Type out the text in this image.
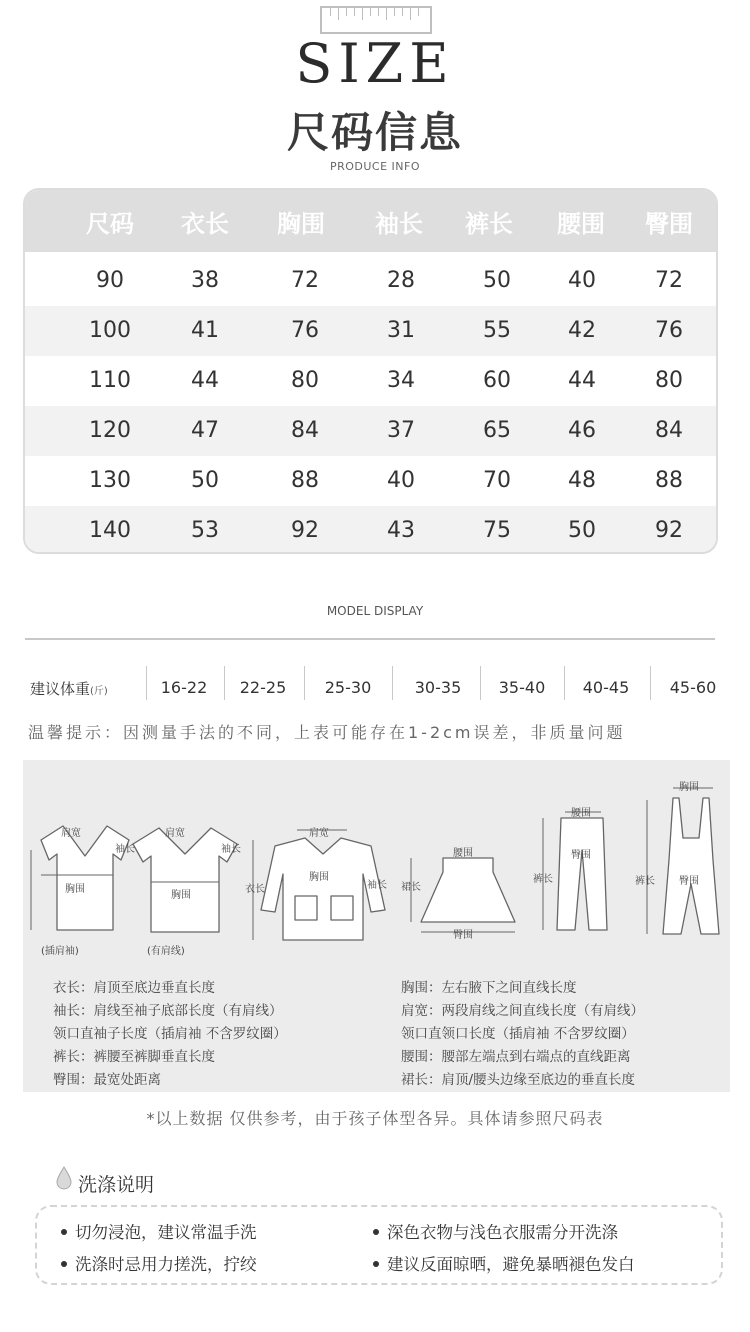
SIZE
尺码信息
PRODUCE INFO
尺码	衣长	胸围	袖长	裤长	腰围	臀围
90	38	72	28	50	40	72
100	41	76	31	55	42	76
110	44	80	34	60	44	80
120	47	84	37	65	46	84
130	50	88	40	70	48	88
140	53	92	43	75	50	92
MODEL DISPLAY
建议体重(斤)	16-22	22-25	25-30	30-35	35-40	40-45	45-60
温馨提示：因测量手法的不同，上表可能存在1-2cm误差，非质量问题
肩宽
胸围
袖长
肩宽
胸围
袖长
肩宽
胸围
衣长	袖长
腰围
裙长
臀围
腰围
臀围
裤长
胸围
裤长 臀围
(插肩袖)	(有肩线)
衣长：肩顶至底边垂直长度
袖长：肩线至袖子底部长度（有肩线）
领口直袖子长度（插肩袖 不含罗纹圈）
裤长：裤腰至裤脚垂直长度
臀围：最宽处距离
胸围：左右腋下之间直线长度
肩宽：两段肩线之间直线长度（有肩线）
领口直领口长度（插肩袖 不含罗纹圈）
腰围：腰部左端点到右端点的直线距离
裙长：肩顶/腰头边缘至底边的垂直长度
*以上数据 仅供参考，由于孩子体型各异。具体请参照尺码表
洗涤说明
切勿浸泡，建议常温手洗	深色衣物与浅色衣服需分开洗涤
洗涤时忌用力搓洗，拧绞	建议反面晾晒，避免暴晒褪色发白
